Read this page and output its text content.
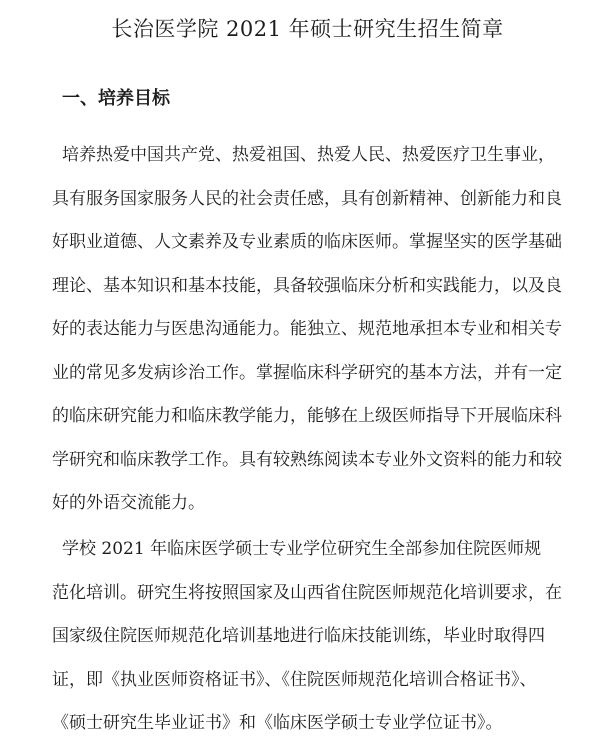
长治医学院 2021 年硕士研究生招生简章
一、培养目标
培养热爱中国共产党、热爱祖国、热爱人民、热爱医疗卫生事业，
具有服务国家服务人民的社会责任感，具有创新精神、创新能力和良
好职业道德、人文素养及专业素质的临床医师。掌握坚实的医学基础
理论、基本知识和基本技能，具备较强临床分析和实践能力，以及良
好的表达能力与医患沟通能力。能独立、规范地承担本专业和相关专
业的常见多发病诊治工作。掌握临床科学研究的基本方法，并有一定
的临床研究能力和临床教学能力，能够在上级医师指导下开展临床科
学研究和临床教学工作。具有较熟练阅读本专业外文资料的能力和较
好的外语交流能力。
学校 2021 年临床医学硕士专业学位研究生全部参加住院医师规
范化培训。研究生将按照国家及山西省住院医师规范化培训要求，在
国家级住院医师规范化培训基地进行临床技能训练，毕业时取得四
证，即《执业医师资格证书》、《住院医师规范化培训合格证书》、
《硕士研究生毕业证书》和《临床医学硕士专业学位证书》。
